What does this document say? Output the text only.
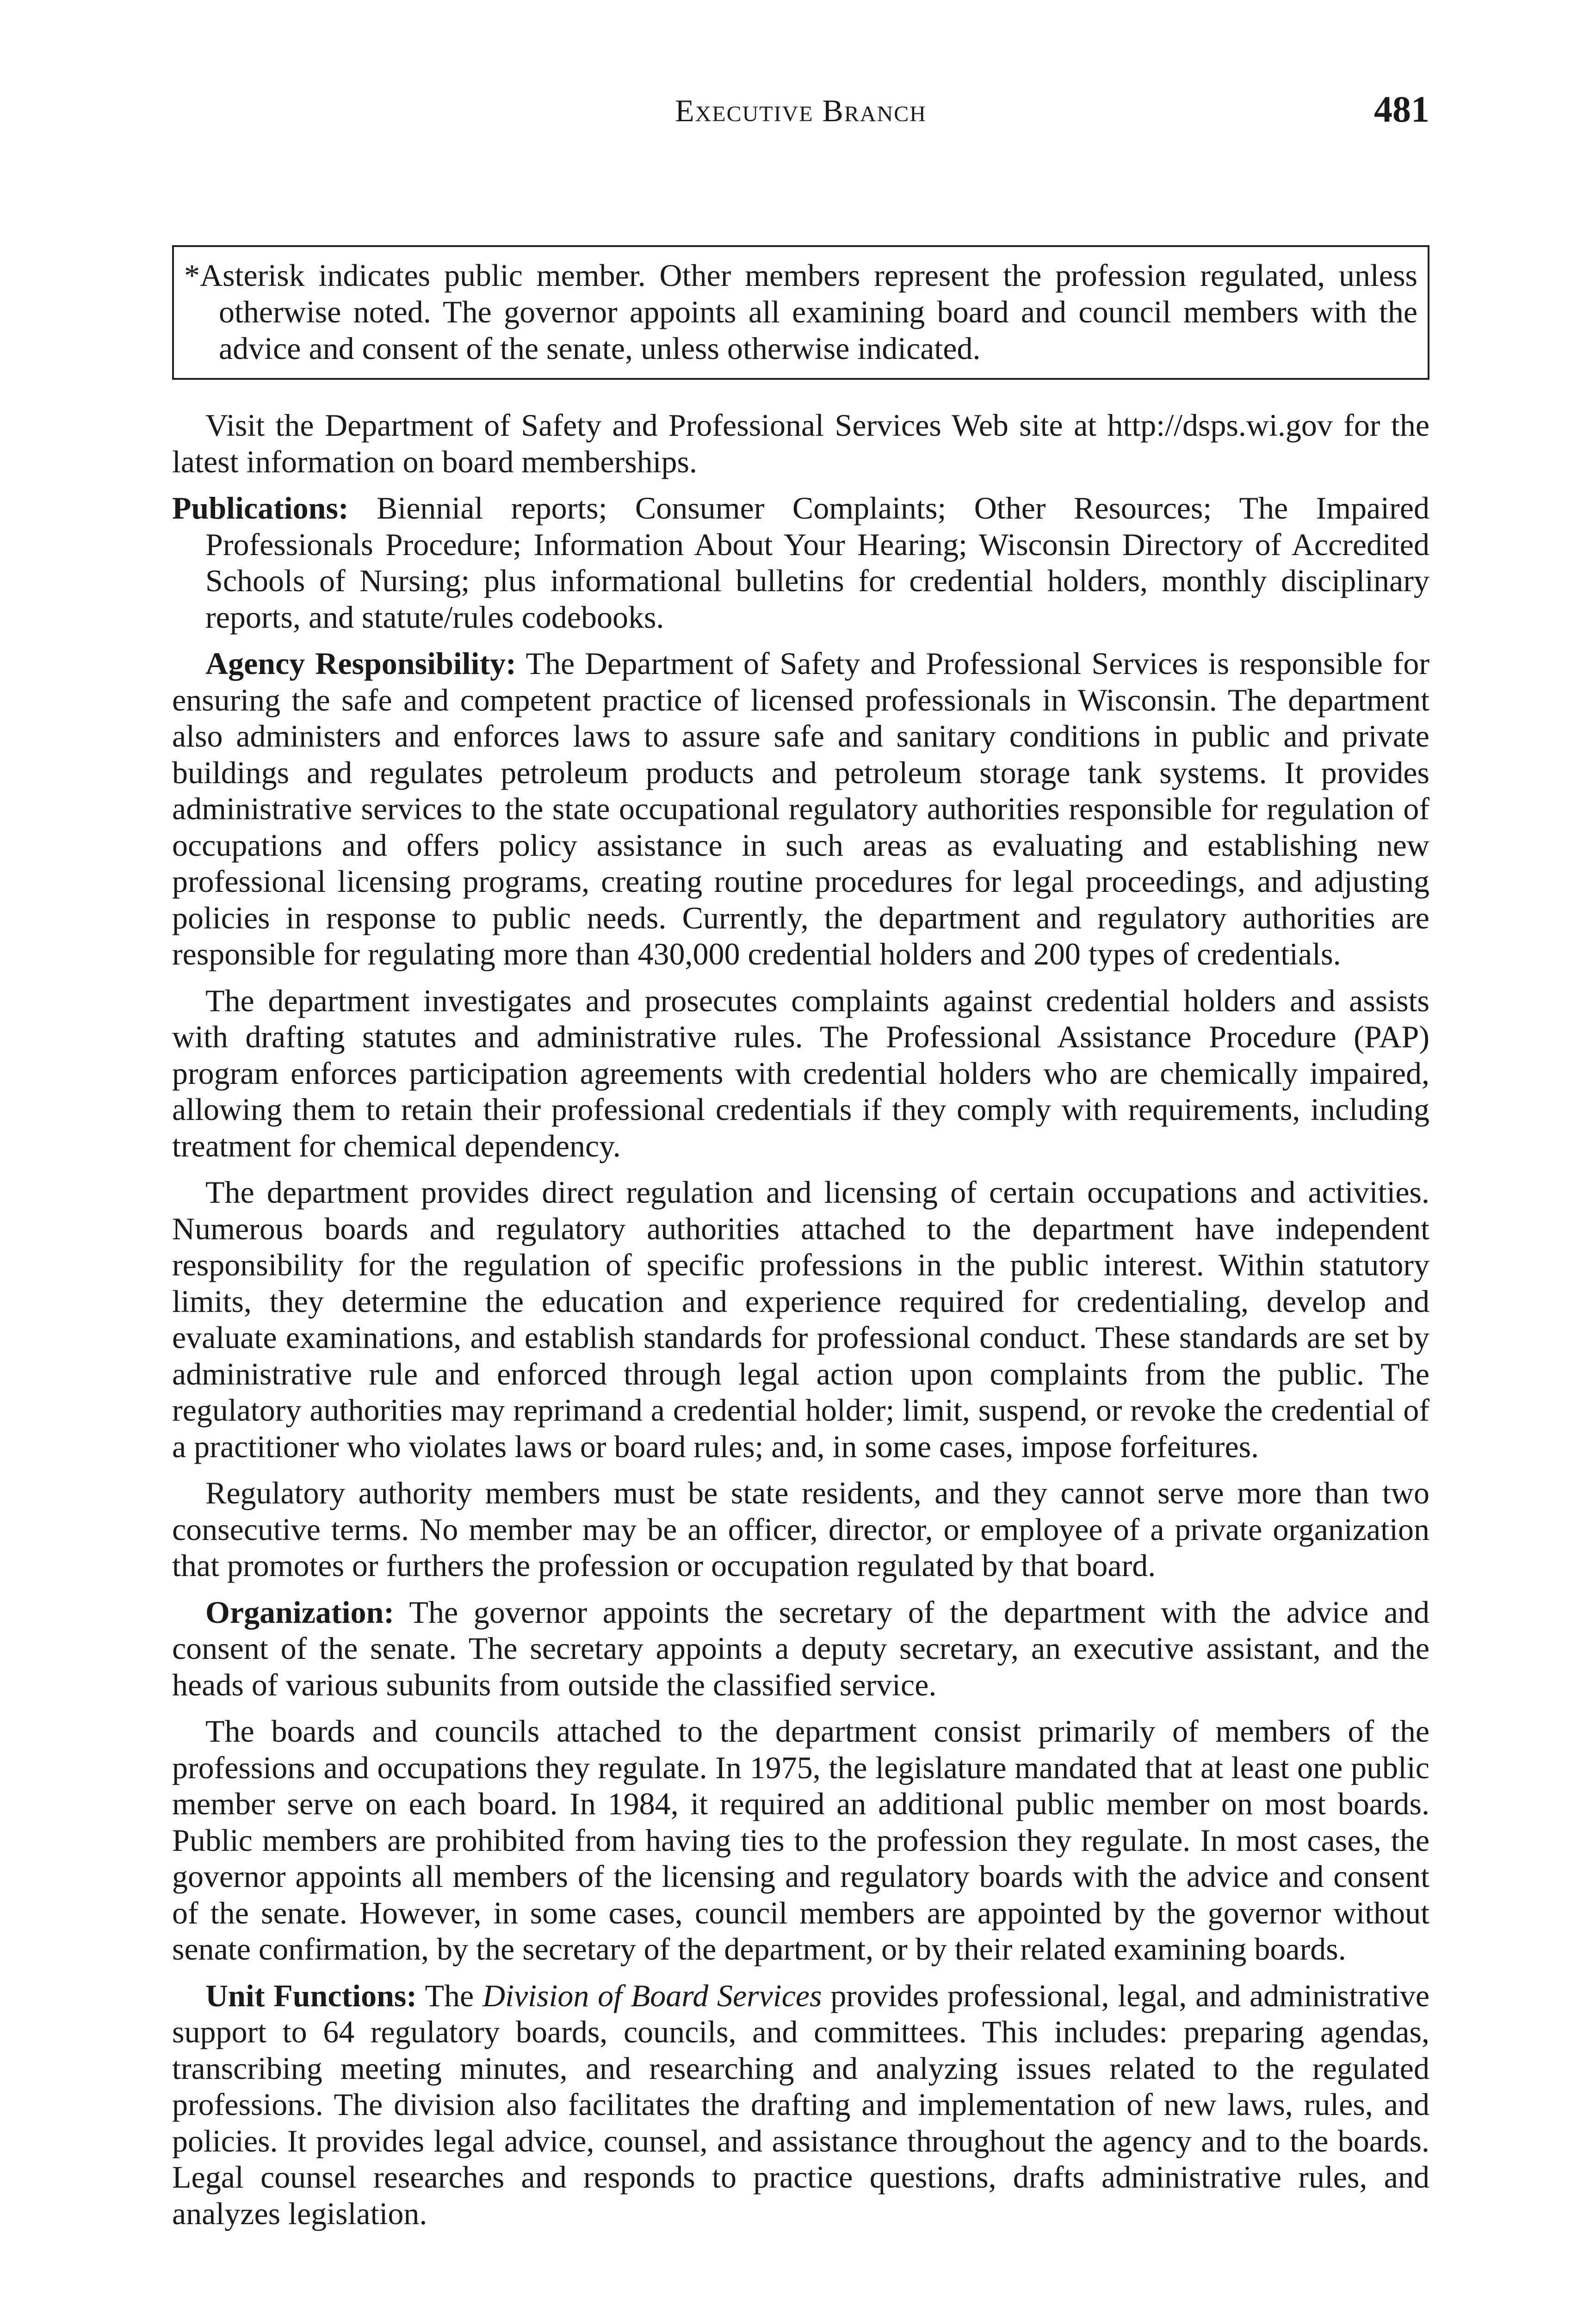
Executive Branch	481

*Asterisk indicates public member. Other members represent the profession regulated, unless otherwise noted. The governor appoints all examining board and council members with the advice and consent of the senate, unless otherwise indicated.

Visit the Department of Safety and Professional Services Web site at http://dsps.wi.gov for the latest information on board memberships.

Publications: Biennial reports; Consumer Complaints; Other Resources; The Impaired Professionals Procedure; Information About Your Hearing; Wisconsin Directory of Accredited Schools of Nursing; plus informational bulletins for credential holders, monthly disciplinary reports, and statute/rules codebooks.

Agency Responsibility: The Department of Safety and Professional Services is responsible for ensuring the safe and competent practice of licensed professionals in Wisconsin. The department also administers and enforces laws to assure safe and sanitary conditions in public and private buildings and regulates petroleum products and petroleum storage tank systems. It provides administrative services to the state occupational regulatory authorities responsible for regulation of occupations and offers policy assistance in such areas as evaluating and establishing new professional licensing programs, creating routine procedures for legal proceedings, and adjusting policies in response to public needs. Currently, the department and regulatory authorities are responsible for regulating more than 430,000 credential holders and 200 types of credentials.

The department investigates and prosecutes complaints against credential holders and assists with drafting statutes and administrative rules. The Professional Assistance Procedure (PAP) program enforces participation agreements with credential holders who are chemically impaired, allowing them to retain their professional credentials if they comply with requirements, including treatment for chemical dependency.

The department provides direct regulation and licensing of certain occupations and activities. Numerous boards and regulatory authorities attached to the department have independent responsibility for the regulation of specific professions in the public interest. Within statutory limits, they determine the education and experience required for credentialing, develop and evaluate examinations, and establish standards for professional conduct. These standards are set by administrative rule and enforced through legal action upon complaints from the public. The regulatory authorities may reprimand a credential holder; limit, suspend, or revoke the credential of a practitioner who violates laws or board rules; and, in some cases, impose forfeitures.

Regulatory authority members must be state residents, and they cannot serve more than two consecutive terms. No member may be an officer, director, or employee of a private organization that promotes or furthers the profession or occupation regulated by that board.

Organization: The governor appoints the secretary of the department with the advice and consent of the senate. The secretary appoints a deputy secretary, an executive assistant, and the heads of various subunits from outside the classified service.

The boards and councils attached to the department consist primarily of members of the professions and occupations they regulate. In 1975, the legislature mandated that at least one public member serve on each board. In 1984, it required an additional public member on most boards. Public members are prohibited from having ties to the profession they regulate. In most cases, the governor appoints all members of the licensing and regulatory boards with the advice and consent of the senate. However, in some cases, council members are appointed by the governor without senate confirmation, by the secretary of the department, or by their related examining boards.

Unit Functions: The Division of Board Services provides professional, legal, and administrative support to 64 regulatory boards, councils, and committees. This includes: preparing agendas, transcribing meeting minutes, and researching and analyzing issues related to the regulated professions. The division also facilitates the drafting and implementation of new laws, rules, and policies. It provides legal advice, counsel, and assistance throughout the agency and to the boards. Legal counsel researches and responds to practice questions, drafts administrative rules, and analyzes legislation.
